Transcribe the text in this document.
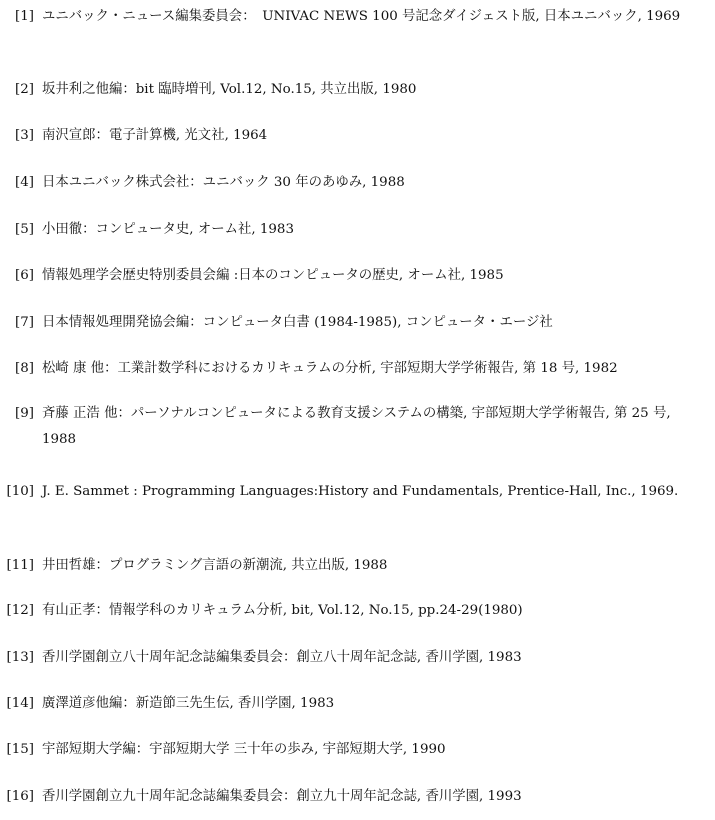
[1] ユニバック・ニュース編集委員会：　UNIVAC NEWS 100 号記念ダイジェスト版, 日本ユニバック, 1969
[2] 坂井利之他編：bit 臨時増刊, Vol.12, No.15, 共立出版, 1980
[3] 南沢宣郎：電子計算機, 光文社, 1964
[4] 日本ユニバック株式会社：ユニバック 30 年のあゆみ, 1988
[5] 小田徹：コンピュータ史, オーム社, 1983
[6] 情報処理学会歴史特別委員会編 :日本のコンピュータの歴史, オーム社, 1985
[7] 日本情報処理開発協会編：コンピュータ白書 (1984-1985), コンピュータ・エージ社
[8] 松崎 康 他：工業計数学科におけるカリキュラムの分析, 宇部短期大学学術報告, 第 18 号, 1982
[9] 斉藤 正浩 他：パーソナルコンピュータによる教育支援システムの構築, 宇部短期大学学術報告, 第 25 号, 1988
[10] J. E. Sammet : Programming Languages:History and Fundamentals, Prentice-Hall, Inc., 1969.
[11] 井田哲雄：プログラミング言語の新潮流, 共立出版, 1988
[12] 有山正孝：情報学科のカリキュラム分析, bit, Vol.12, No.15, pp.24-29(1980)
[13] 香川学園創立八十周年記念誌編集委員会：創立八十周年記念誌, 香川学園, 1983
[14] 廣澤道彦他編：新造節三先生伝, 香川学園, 1983
[15] 宇部短期大学編：宇部短期大学 三十年の歩み, 宇部短期大学, 1990
[16] 香川学園創立九十周年記念誌編集委員会：創立九十周年記念誌, 香川学園, 1993
